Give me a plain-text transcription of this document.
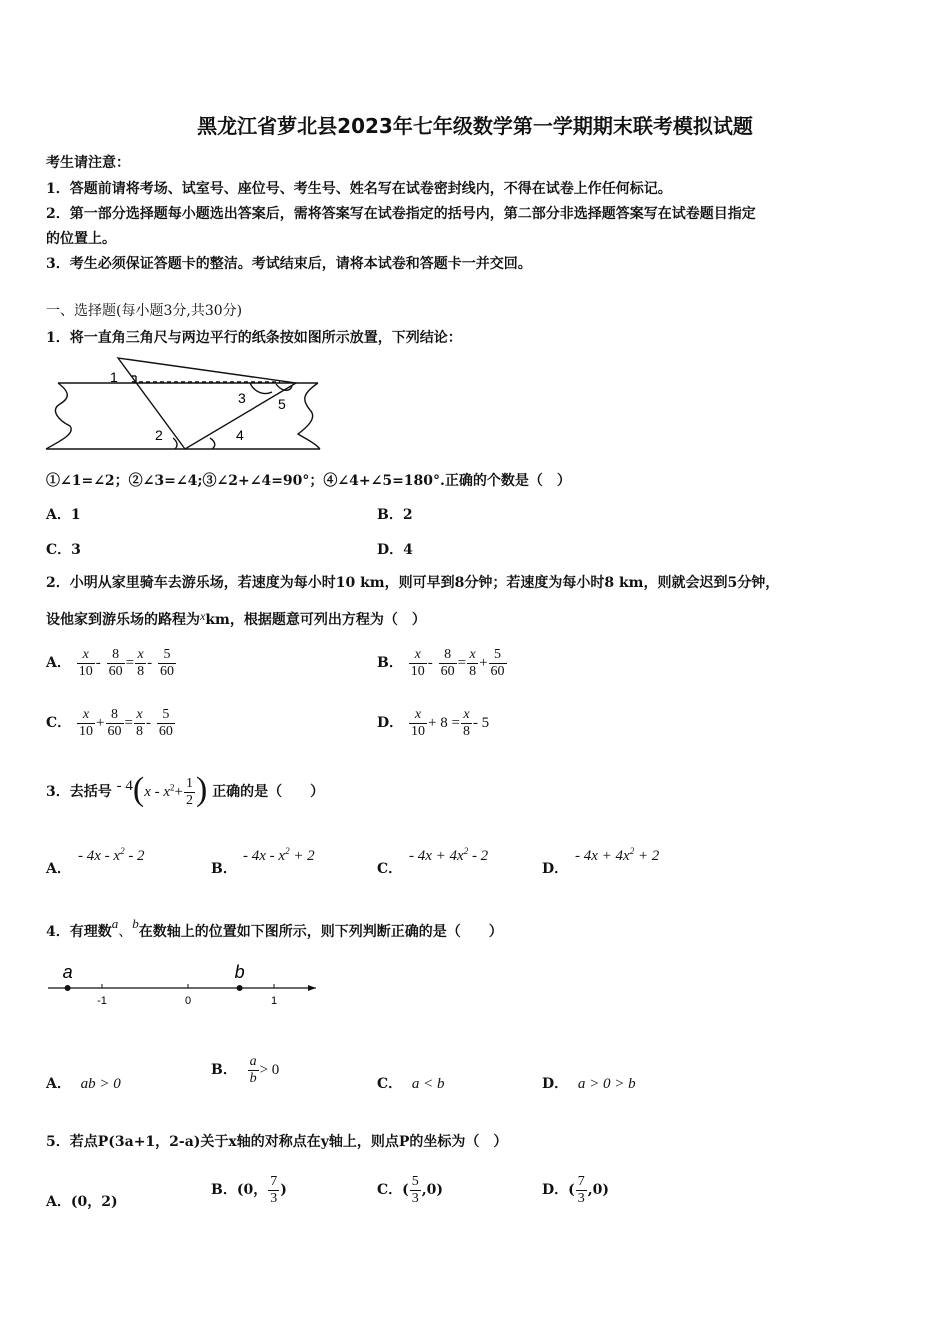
黑龙江省萝北县2023年七年级数学第一学期期末联考模拟试题
考生请注意：
1．答题前请将考场、试室号、座位号、考生号、姓名写在试卷密封线内，不得在试卷上作任何标记。
2．第一部分选择题每小题选出答案后，需将答案写在试卷指定的括号内，第二部分非选择题答案写在试卷题目指定
的位置上。
3．考生必须保证答题卡的整洁。考试结束后，请将本试卷和答题卡一并交回。
一、选择题(每小题3分,共30分)
1．将一直角三角尺与两边平行的纸条按如图所示放置，下列结论：
1
2
3
4
5
①∠1=∠2；②∠3=∠4;③∠2+∠4=90°；④∠4+∠5=180°.正确的个数是（　）
A．1	B．2
C．3	D．4
2．小明从家里骑车去游乐场，若速度为每小时10 km，则可早到8分钟；若速度为每小时8 km，则就会迟到5分钟，
设他家到游乐场的路程为xkm，根据题意可列出方程为（　）
A． $\frac{x}{10} - \frac{8}{60} = \frac{x}{8} - \frac{5}{60}$	B． $\frac{x}{10} - \frac{8}{60} = \frac{x}{8} + \frac{5}{60}$
C． $\frac{x}{10} + \frac{8}{60} = \frac{x}{8} - \frac{5}{60}$	D． $\frac{x}{10} + 8 = \frac{x}{8} - 5$
3．去括号 - $4(x - x^2+ \frac{1}{2}$ ) 正确的是（　　）
A．
- $4x - x^2 - 2$
B．
- $4x - x^2 + 2$
C．
- $4x + 4x^2 - 2$
D．
- $4x + 4x^2 + 2$
4．有理数a、b在数轴上的位置如下图所示，则下列判断正确的是（　　）
-1	0	1
a	b
A． ab > 0
B． $\frac{a}{b} > 0$
C． a < b	D． a > 0 > b
5．若点P(3a+1，2-a)关于x轴的对称点在y轴上，则点P的坐标为（　）
A．(0，2)
B．(0， $\frac{7}{3}$ )	C．( $\frac{5}{3} ,0$)	D．( $\frac{7}{3} ,0$)
